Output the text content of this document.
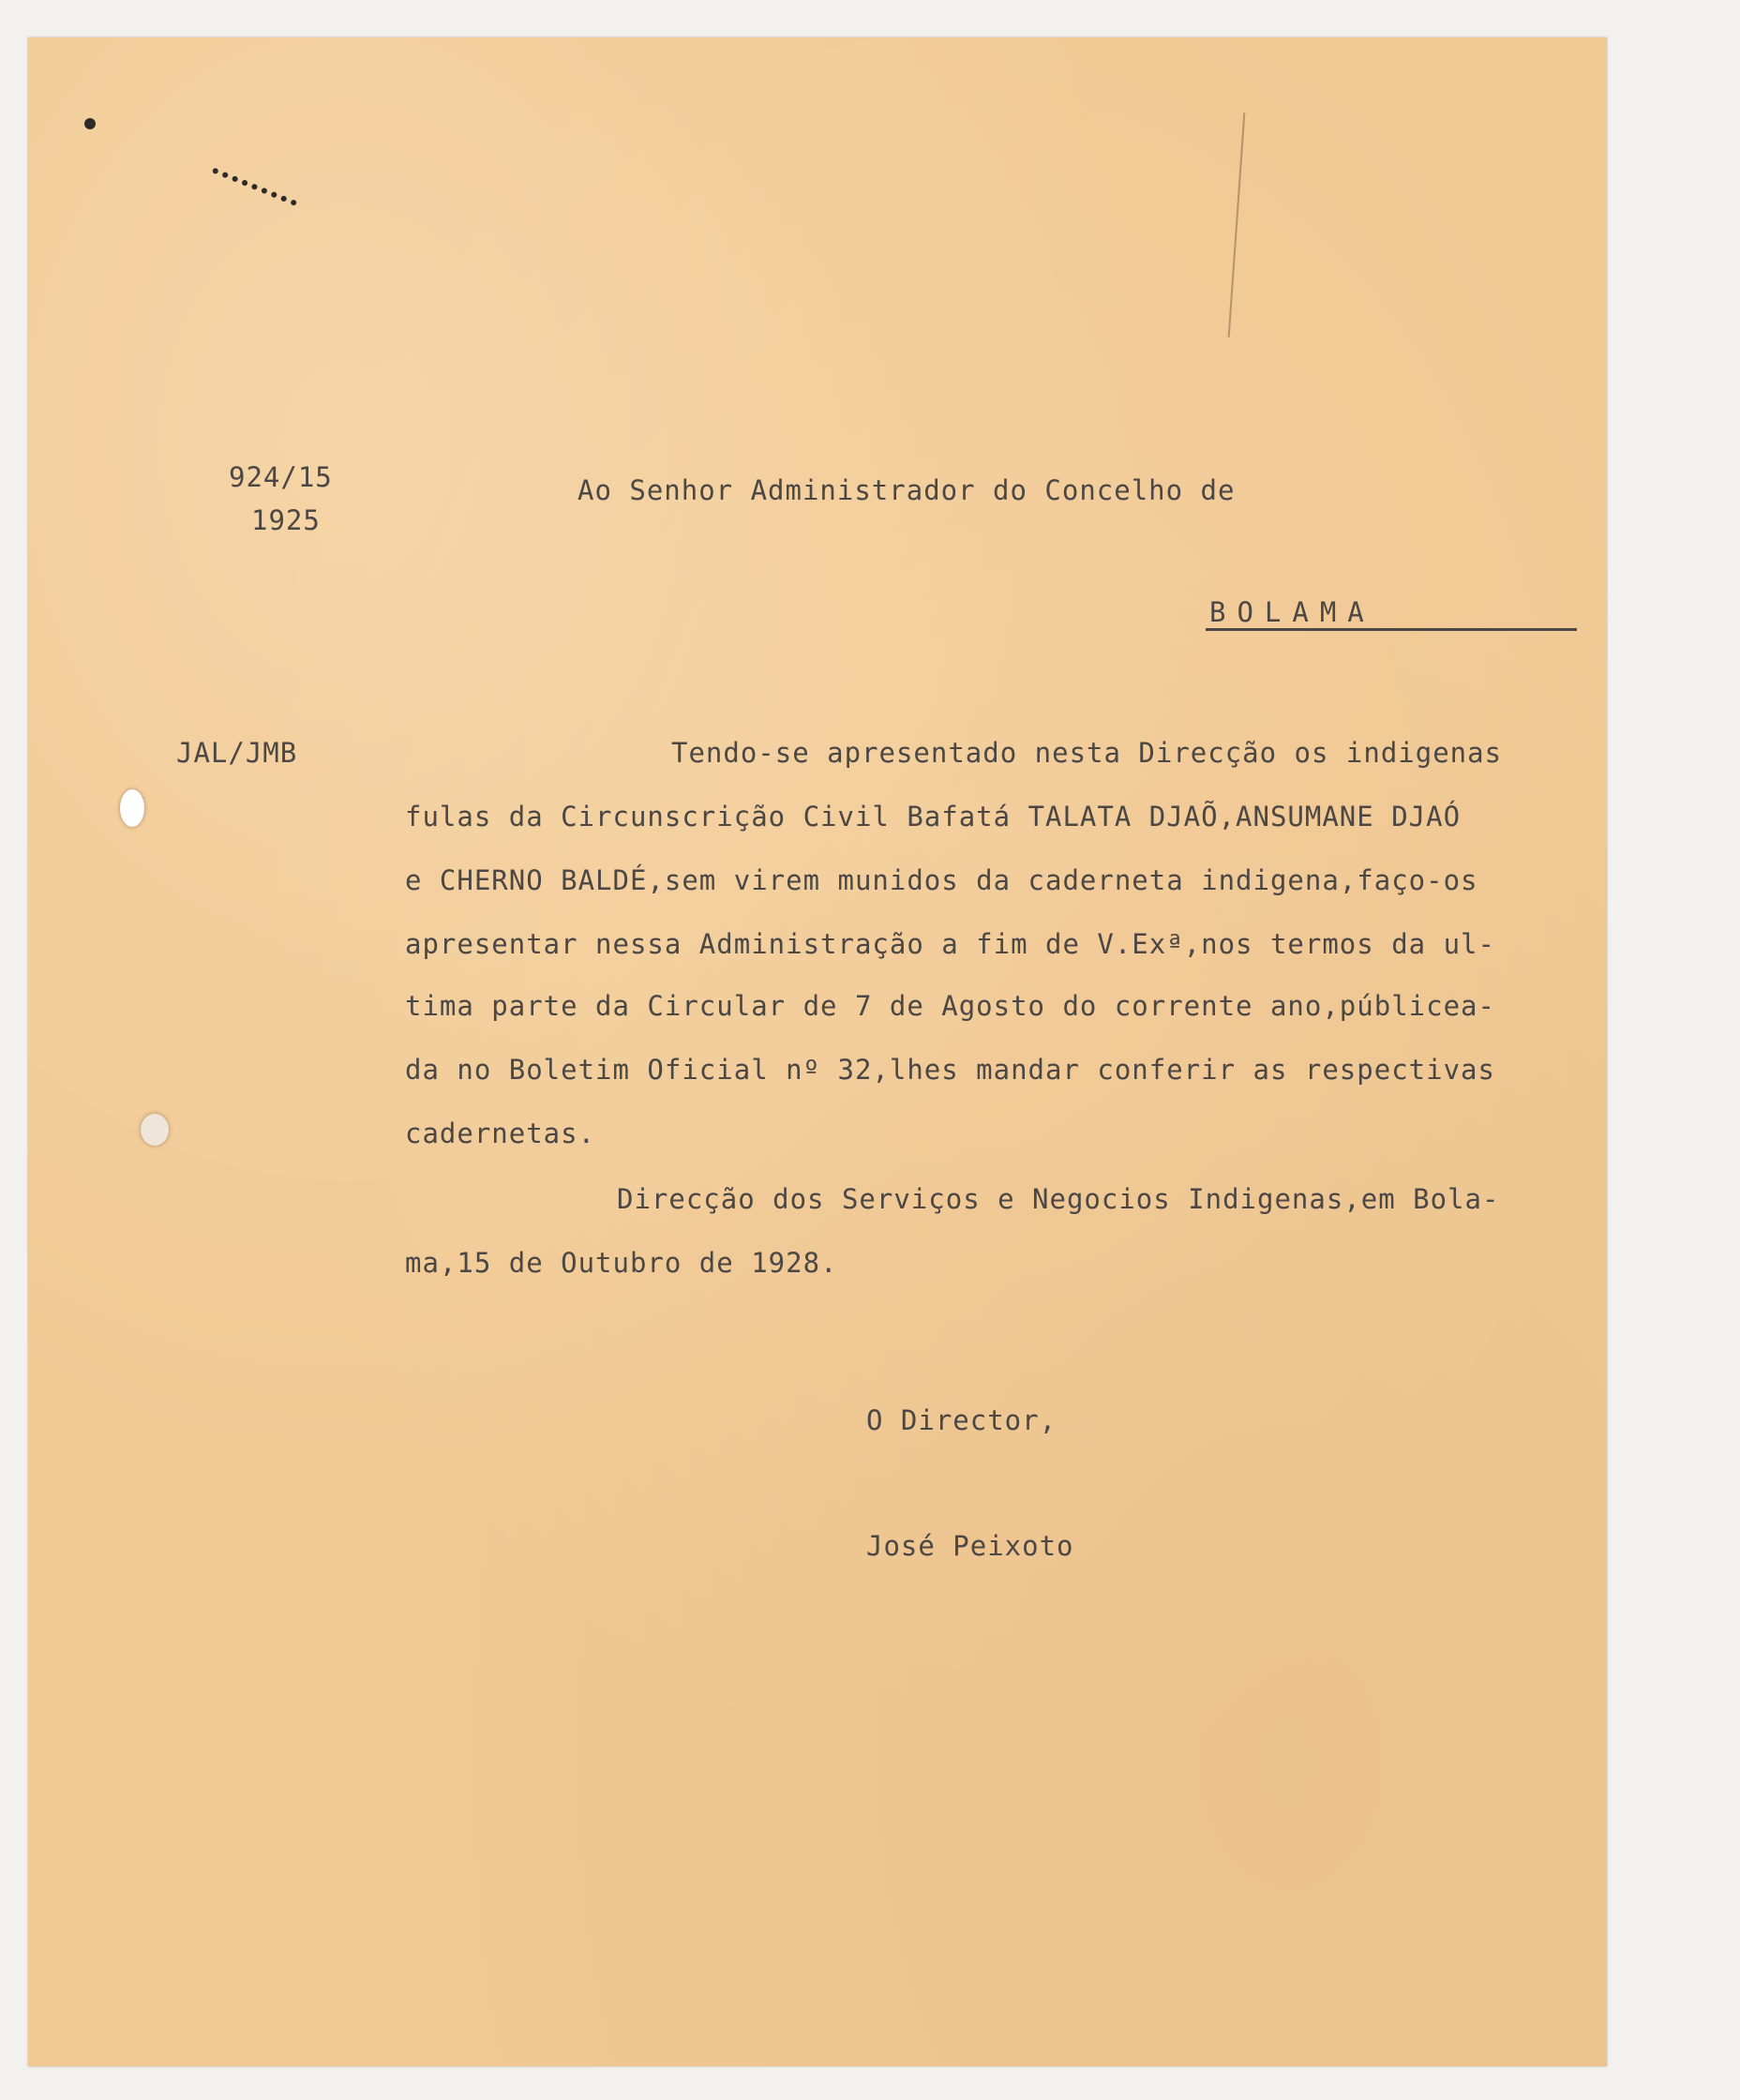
924/15
1925
Ao Senhor Administrador do Concelho de
BOLAMA
JAL/JMB	Tendo-se apresentado nesta Direcção os indigenas
fulas da Circunscrição Civil Bafatá TALATA DJAÕ,ANSUMANE DJAÓ
e CHERNO BALDÉ,sem virem munidos da caderneta indigena,faço-os
apresentar nessa Administração a fim de V.Exª,nos termos da ul-
tima parte da Circular de 7 de Agosto do corrente ano,públicea-
da no Boletim Oficial nº 32,lhes mandar conferir as respectivas
cadernetas.
Direcção dos Serviços e Negocios Indigenas,em Bola-
ma,15 de Outubro de 1928.
O Director,
José Peixoto
